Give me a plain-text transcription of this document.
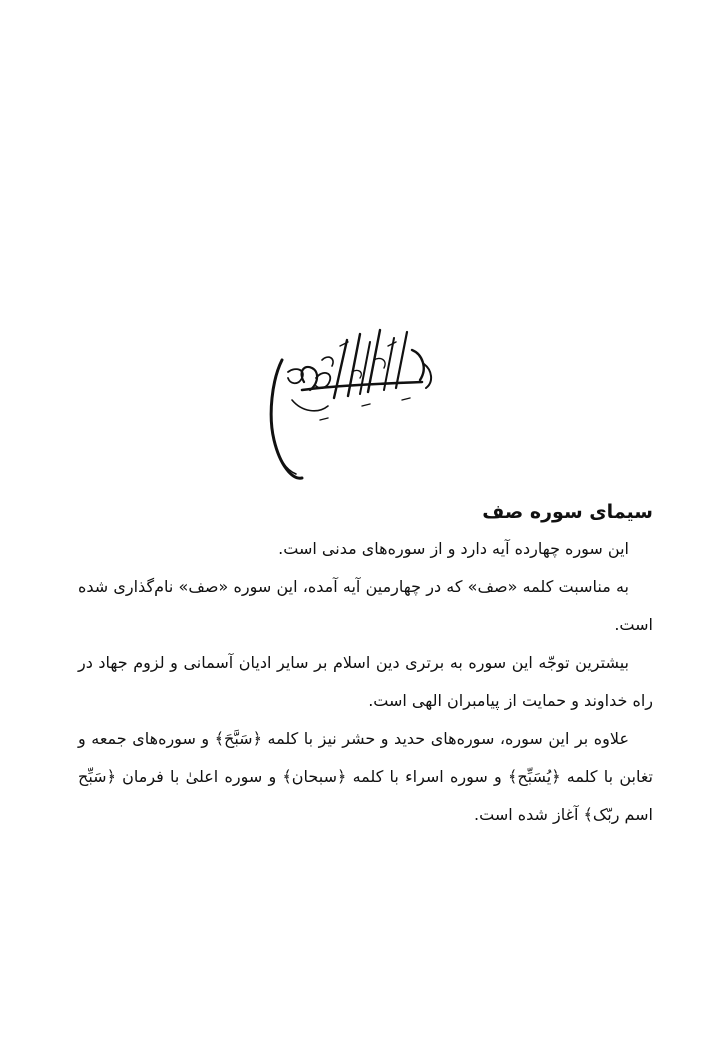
سیمای سوره صف

این سوره چهارده آیه دارد و از سوره‌های مدنی است.

به مناسبت کلمه «صف» که در چهارمین آیه آمده، این سوره «صف» نام‌گذاری شده است.

بیشترین توجّه این سوره به برتری دین اسلام بر سایر ادیان آسمانی و لزوم جهاد در راه خداوند و حمایت از پیامبران الهی است.

علاوه بر این سوره، سوره‌های حدید و حشر نیز با کلمه ﴿سَبَّحَ﴾ و سوره‌های جمعه و تغابن با کلمه ﴿یُسَبِّح﴾ و سوره اسراء با کلمه ﴿سبحان﴾ و سوره اعلیٰ با فرمان ﴿سَبِّح اسم ربّک﴾ آغاز شده است.
